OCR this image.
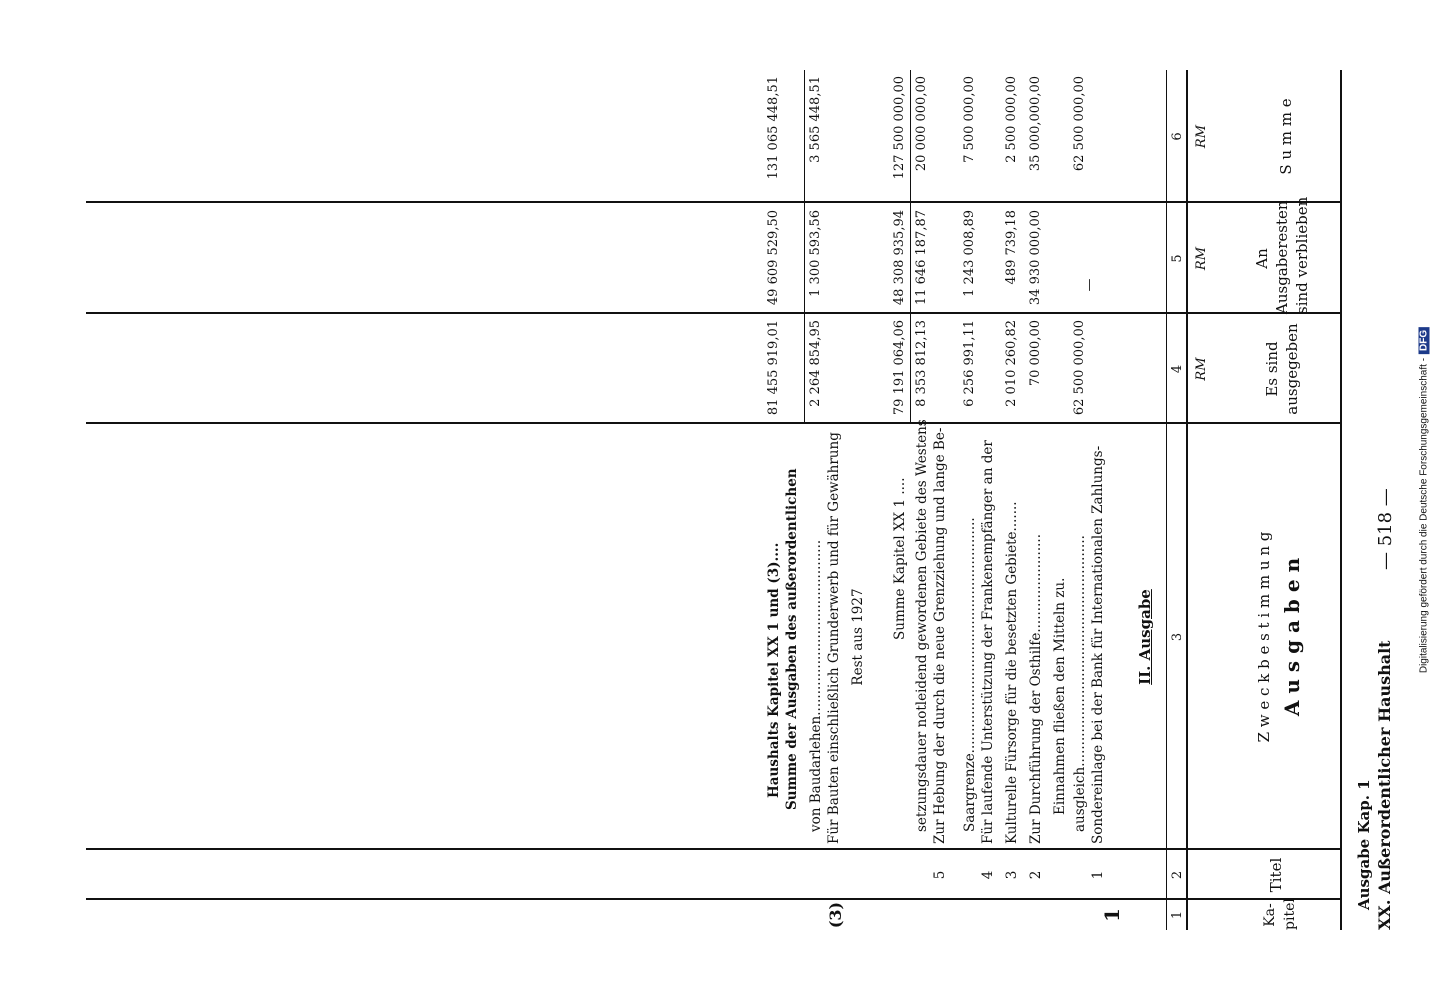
XX. Außerordentlicher Haushalt
Ausgabe Kap. 1
— 518 —
Ka-
pitel
Titel
A u s g a b e n
Z w e c k b e s t i m m u n g
Es sind
ausgegeben
An
Ausgaberesten
sind verblieben
S u m m e
RM
RM
RM
1
2
3
4
5
6
II. Ausgabe
1
1
Sondereinlage bei der Bank für Internationalen Zahlungs-
ausgleich......................................................
62 500 000,00
—
62 500 000,00
Einnahmen fließen den Mitteln zu.
2
Zur Durchführung der Osthilfe.......................
70 000,00
34 930 000,00
35 000,000,00
3
Kulturelle Fürsorge für die besetzten Gebiete.......
2 010 260,82
489 739,18
2 500 000,00
4
Für laufende Unterstützung der Frankenempfänger an der
Saargrenze.......................................................
6 256 991,11
1 243 008,89
7 500 000,00
5
Zur Hebung der durch die neue Grenzziehung und lange Be-
setzungsdauer notleidend gewordenen Gebiete des Westens
8 353 812,13
11 646 187,87
20 000 000,00
Summe Kapitel XX 1 ....
79 191 064,06
48 308 935,94
127 500 000,00
Rest aus 1927
(3)
Für Bauten einschließlich Grunderwerb und für Gewährung
von Baudarlehen.........................................
2 264 854,95
1 300 593,56
3 565 448,51
Summe der Ausgaben des außerordentlichen
Haushalts Kapitel XX 1 und (3)....
81 455 919,01
49 609 529,50
131 065 448,51
Digitalisierung gefördert durch die Deutsche Forschungsgemeinschaft -DFG
